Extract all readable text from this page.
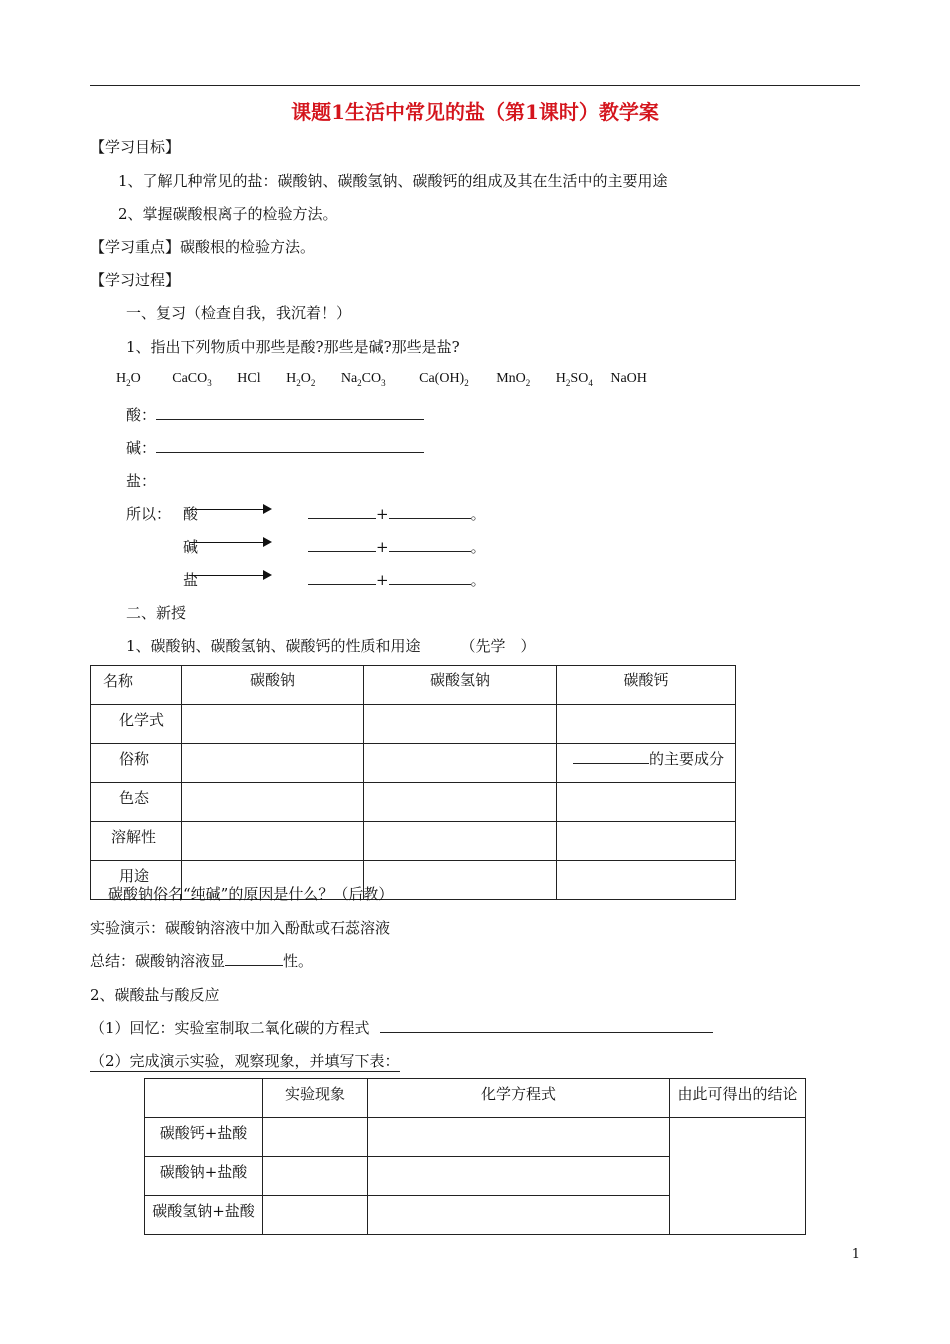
课题1生活中常见的盐（第1课时）教学案
【学习目标】
1、了解几种常见的盐：碳酸钠、碳酸氢钠、碳酸钙的组成及其在生活中的主要用途
2、掌握碳酸根离子的检验方法。
【学习重点】碳酸根的检验方法。
【学习过程】
一、复习（检查自我，我沉着！）
1、指出下列物质中那些是酸?那些是碱?那些是盐?
$H_2O$ CaCO$_3$ HCl $H_2O_2$ $Na_2CO_3$ $Ca(OH)_2$ MnO$_2$ $H_2SO_4$ NaOH
酸：
碱：
盐：
所以： 酸	+	。
碱	+	。
盐	+	。
二、新授
1、碳酸钠、碳酸氢钠、碳酸钙的性质和用途	（先学　）
名称	碳酸钠	碳酸氢钠	碳酸钙
化学式			
俗称			的主要成分
色态			
溶解性			
用途			
碳酸钠俗名“纯碱”的原因是什么？（后教）
实验演示：碳酸钠溶液中加入酚酞或石蕊溶液
总结：碳酸钠溶液显	性。
2、碳酸盐与酸反应
（1）回忆：实验室制取二氧化碳的方程式
（2）完成演示实验，观察现象，并填写下表：
	实验现象	化学方程式	由此可得出的结论
碳酸钙+盐酸			
碳酸钠+盐酸			
碳酸氢钠+盐酸			
1
